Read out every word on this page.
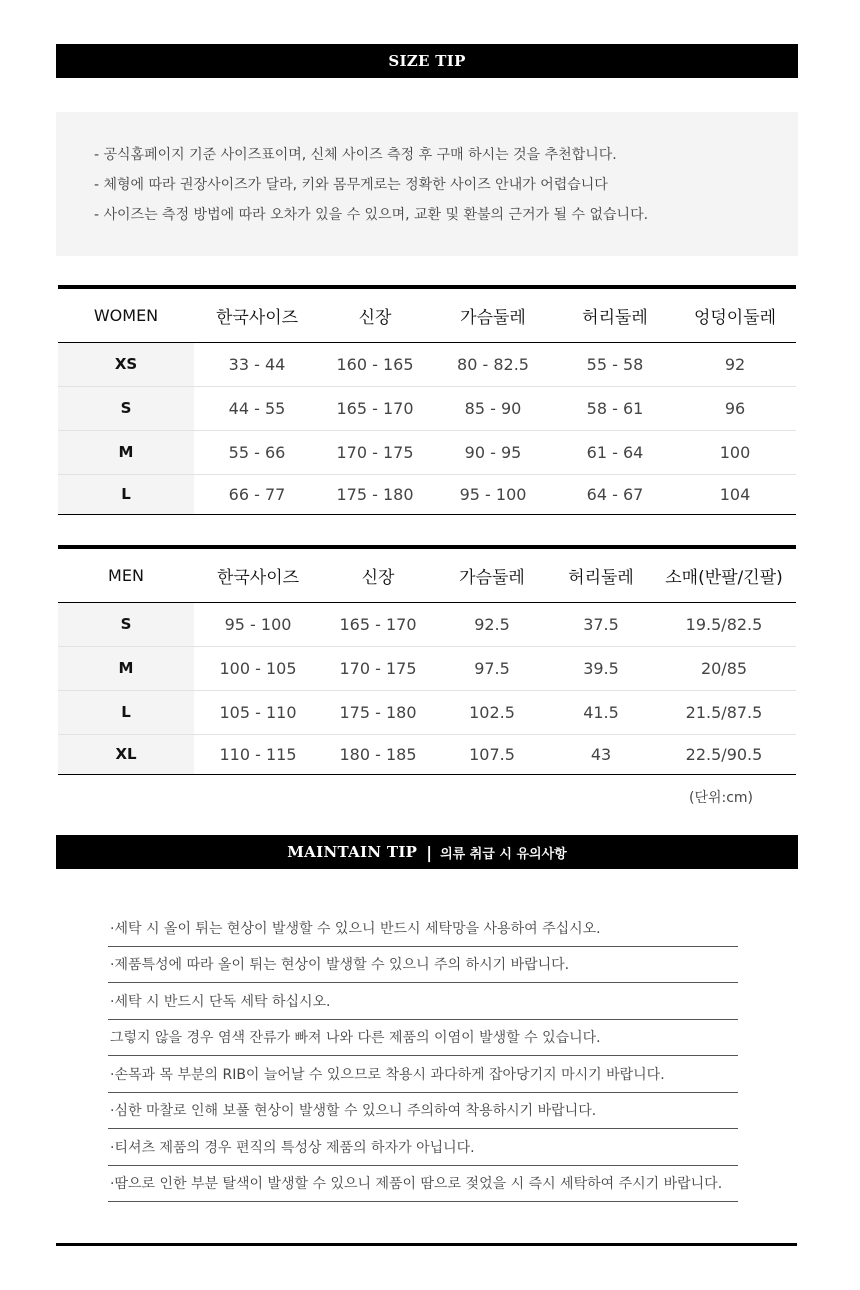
SIZE TIP
- 공식홈페이지 기준 사이즈표이며, 신체 사이즈 측정 후 구매 하시는 것을 추천합니다.
- 체형에 따라 권장사이즈가 달라, 키와 몸무게로는 정확한 사이즈 안내가 어렵습니다
- 사이즈는 측정 방법에 따라 오차가 있을 수 있으며, 교환 및 환불의 근거가 될 수 없습니다.
WOMEN	한국사이즈	신장	가슴둘레	허리둘레	엉덩이둘레
XS	33 - 44	160 - 165	80 - 82.5	55 - 58	92
S	44 - 55	165 - 170	85 - 90	58 - 61	96
M	55 - 66	170 - 175	90 - 95	61 - 64	100
L	66 - 77	175 - 180	95 - 100	64 - 67	104
MEN	한국사이즈	신장	가슴둘레	허리둘레	소매(반팔/긴팔)
S	95 - 100	165 - 170	92.5	37.5	19.5/82.5
M	100 - 105	170 - 175	97.5	39.5	20/85
L	105 - 110	175 - 180	102.5	41.5	21.5/87.5
XL	110 - 115	180 - 185	107.5	43	22.5/90.5
(단위:cm)
MAINTAIN TIP | 의류 취급 시 유의사항
·세탁 시 올이 튀는 현상이 발생할 수 있으니 반드시 세탁망을 사용하여 주십시오.
·제품특성에 따라 올이 튀는 현상이 발생할 수 있으니 주의 하시기 바랍니다.
·세탁 시 반드시 단독 세탁 하십시오.
그렇지 않을 경우 염색 잔류가 빠져 나와 다른 제품의 이염이 발생할 수 있습니다.
·손목과 목 부분의 RIB이 늘어날 수 있으므로 착용시 과다하게 잡아당기지 마시기 바랍니다.
·심한 마찰로 인해 보풀 현상이 발생할 수 있으니 주의하여 착용하시기 바랍니다.
·티셔츠 제품의 경우 편직의 특성상 제품의 하자가 아닙니다.
·땀으로 인한 부분 탈색이 발생할 수 있으니 제품이 땀으로 젖었을 시 즉시 세탁하여 주시기 바랍니다.
